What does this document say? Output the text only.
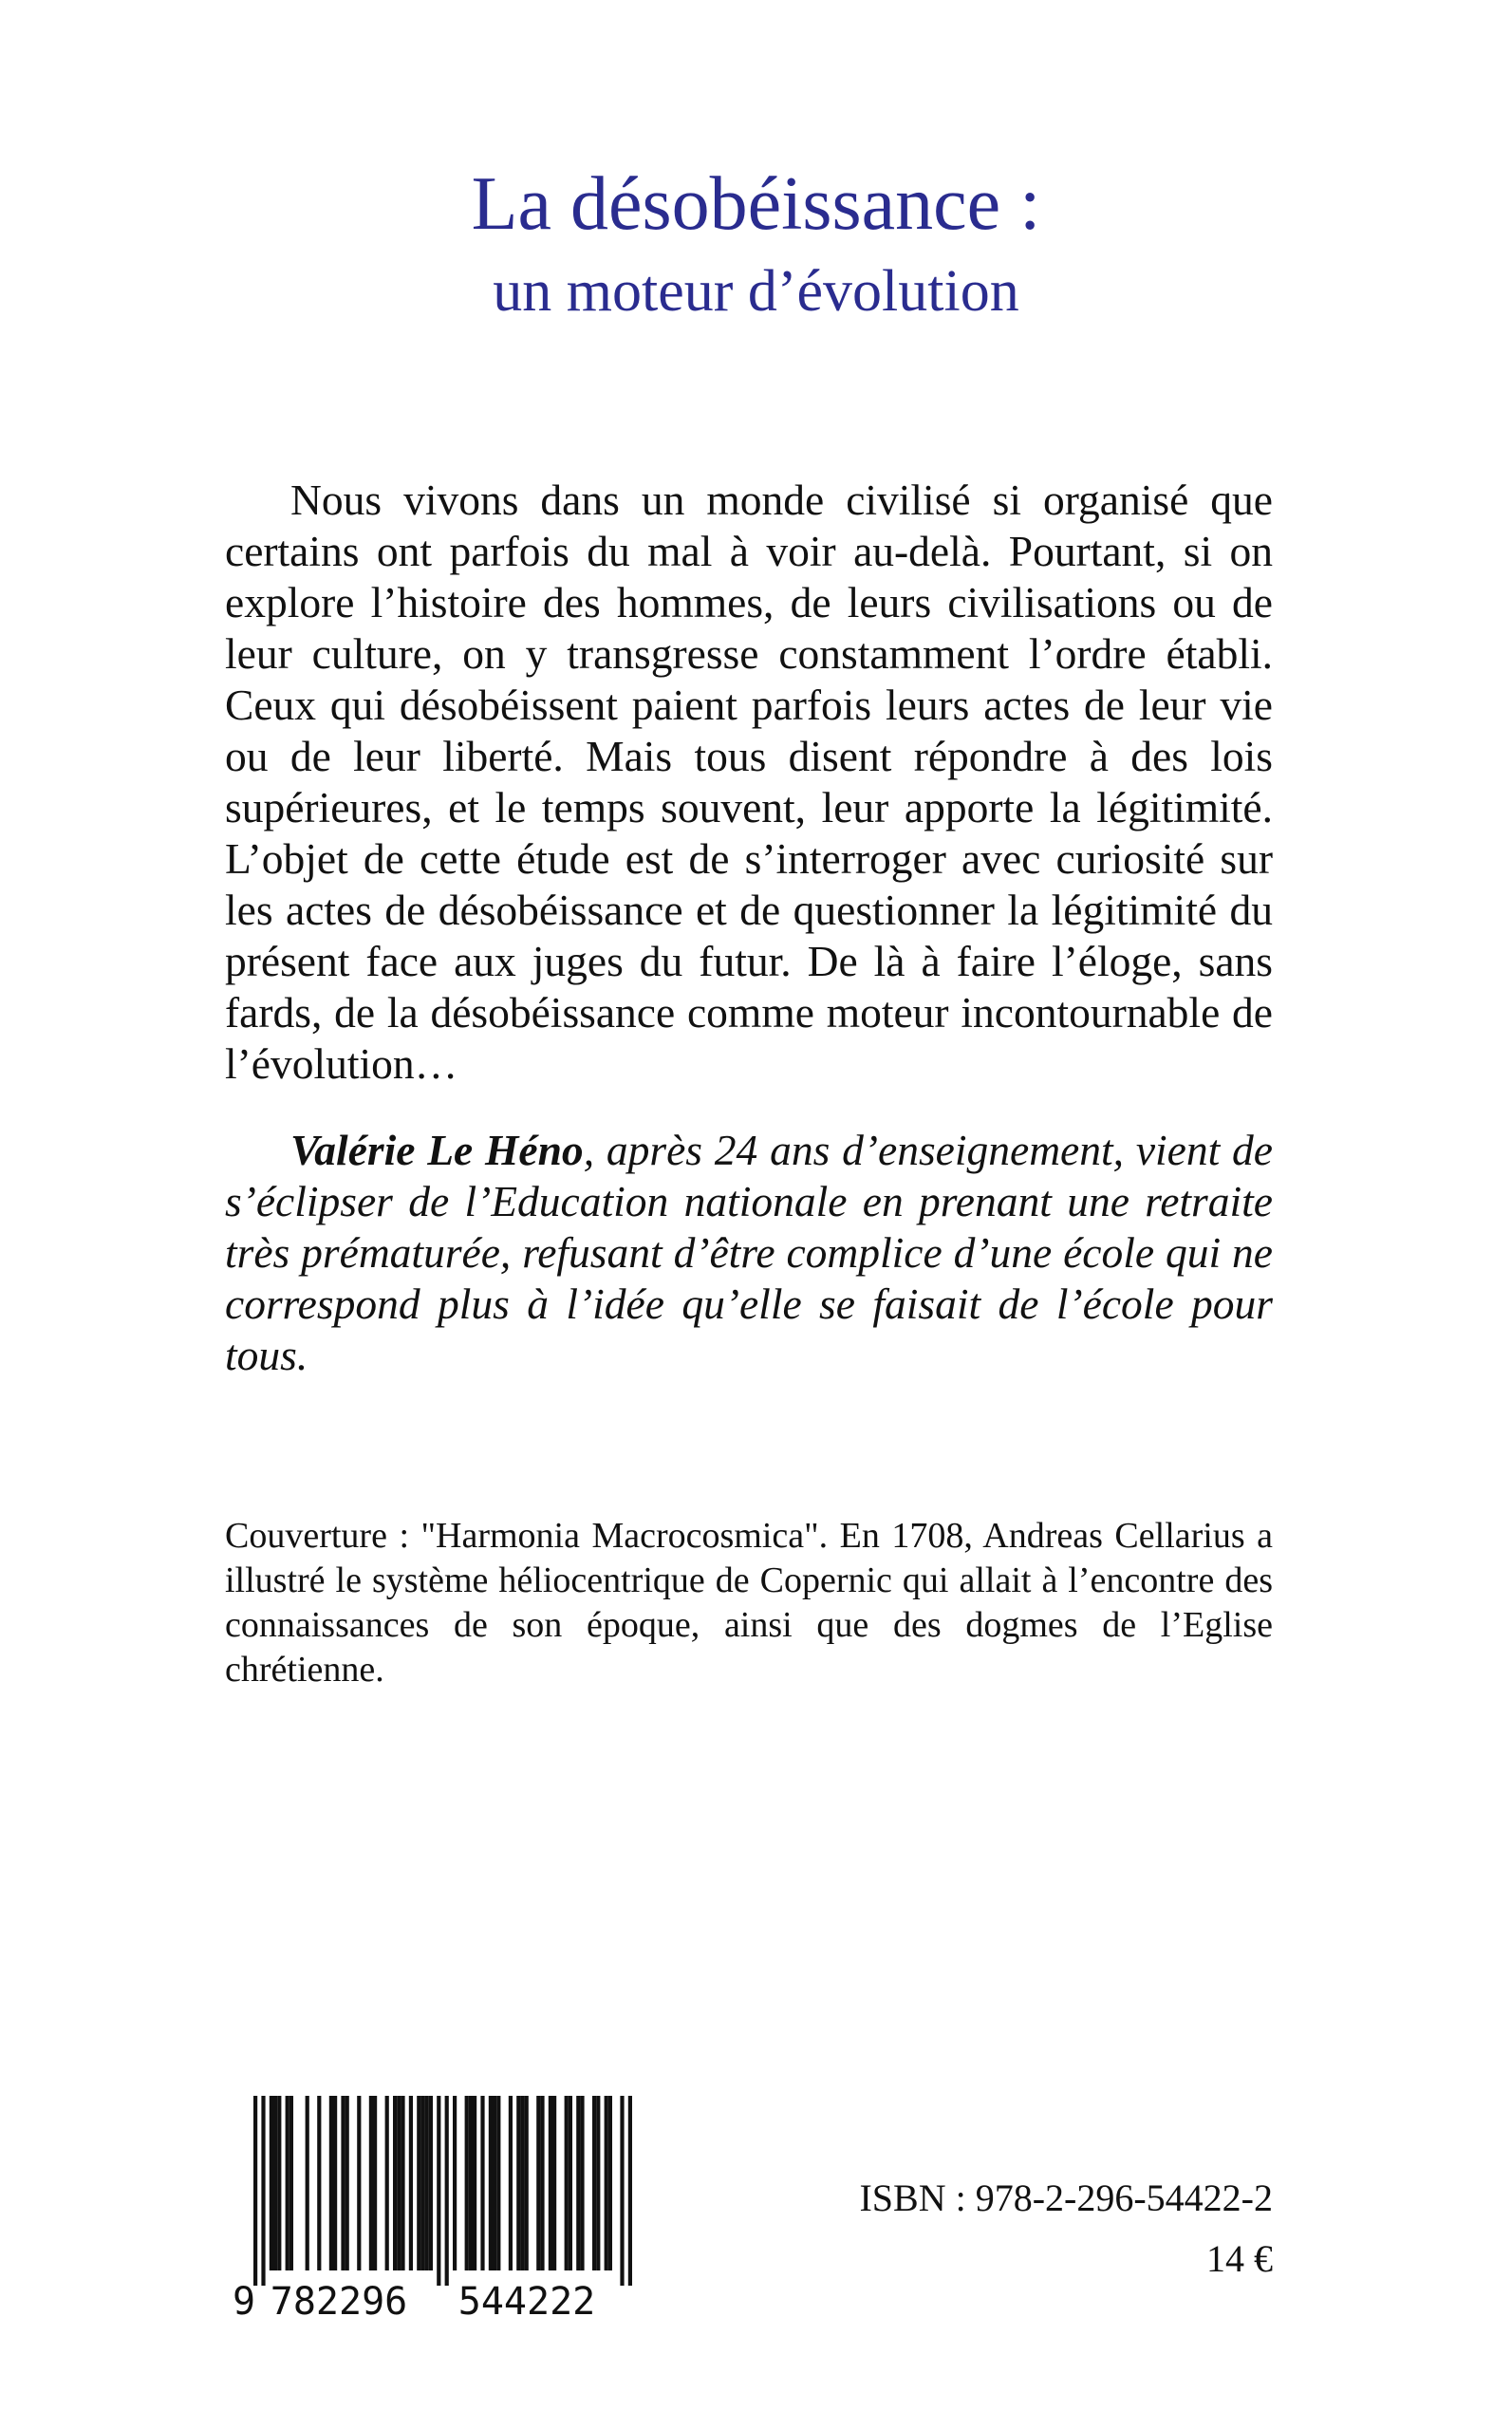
La désobéissance :
un moteur d’évolution

Nous vivons dans un monde civilisé si organisé que certains ont parfois du mal à voir au-delà. Pourtant, si on explore l’histoire des hommes, de leurs civilisations ou de leur culture, on y transgresse constamment l’ordre établi. Ceux qui désobéissent paient parfois leurs actes de leur vie ou de leur liberté. Mais tous disent répondre à des lois supérieures, et le temps souvent, leur apporte la légitimité. L’objet de cette étude est de s’interroger avec curiosité sur les actes de désobéissance et de questionner la légitimité du présent face aux juges du futur. De là à faire l’éloge, sans fards, de la désobéissance comme moteur incontournable de l’évolution…

Valérie Le Héno, après 24 ans d’enseignement, vient de s’éclipser de l’Education nationale en prenant une retraite très prématurée, refusant d’être complice d’une école qui ne correspond plus à l’idée qu’elle se faisait de l’école pour tous.

Couverture : "Harmonia Macrocosmica". En 1708, Andreas Cellarius a illustré le système héliocentrique de Copernic qui allait à l’encontre des connaissances de son époque, ainsi que des dogmes de l’Eglise chrétienne.

9 782296 544222
ISBN : 978-2-296-54422-2
14 €
